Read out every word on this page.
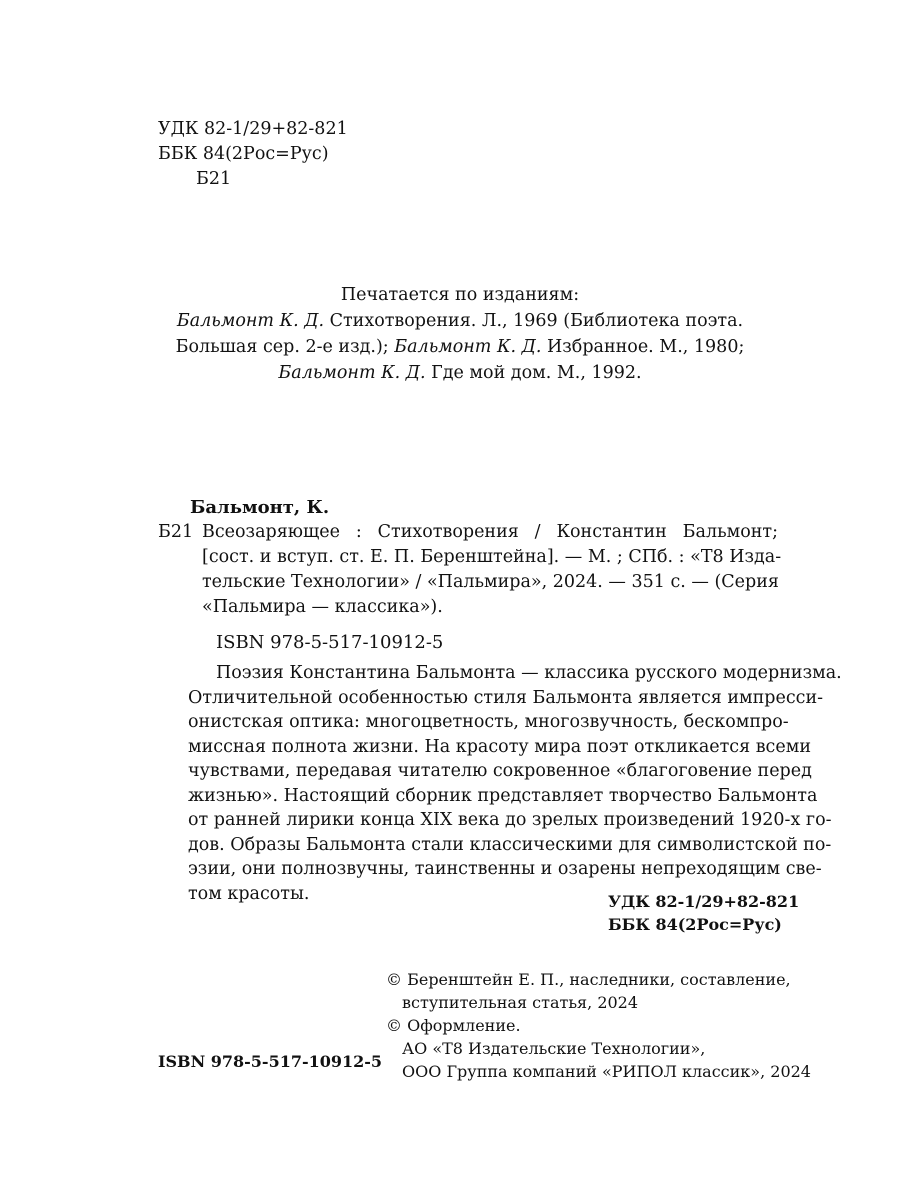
УДК 82-1/29+82-821
ББК 84(2Рос=Рус)
Б21
Печатается по изданиям:
Бальмонт К. Д. Стихотворения. Л., 1969 (Библиотека поэта.
Большая сер. 2-е изд.); Бальмонт К. Д. Избранное. М., 1980;
Бальмонт К. Д. Где мой дом. М., 1992.
Бальмонт, К.
Б21 Всеозаряющее : Стихотворения / Константин Бальмонт;
[сост. и вступ. ст. Е. П. Беренштейна]. — М. ; СПб. : «Т8 Изда-
тельские Технологии» / «Пальмира», 2024. — 351 с. — (Серия
«Пальмира — классика»).
ISBN 978-5-517-10912-5
Поэзия Константина Бальмонта — классика русского модернизма.
Отличительной особенностью стиля Бальмонта является импресси-
онистская оптика: многоцветность, многозвучность, бескомпро-
миссная полнота жизни. На красоту мира поэт откликается всеми
чувствами, передавая читателю сокровенное «благоговение перед
жизнью». Настоящий сборник представляет творчество Бальмонта
от ранней лирики конца XIX века до зрелых произведений 1920-х го-
дов. Образы Бальмонта стали классическими для символистской по-
эзии, они полнозвучны, таинственны и озарены непреходящим све-
том красоты.	УДК 82-1/29+82-821
ББК 84(2Рос=Рус)
© Беренштейн Е. П., наследники, составление,
вступительная статья, 2024
© Оформление.
АО «Т8 Издательские Технологии»,
ООО Группа компаний «РИПОЛ классик», 2024
ISBN 978-5-517-10912-5
